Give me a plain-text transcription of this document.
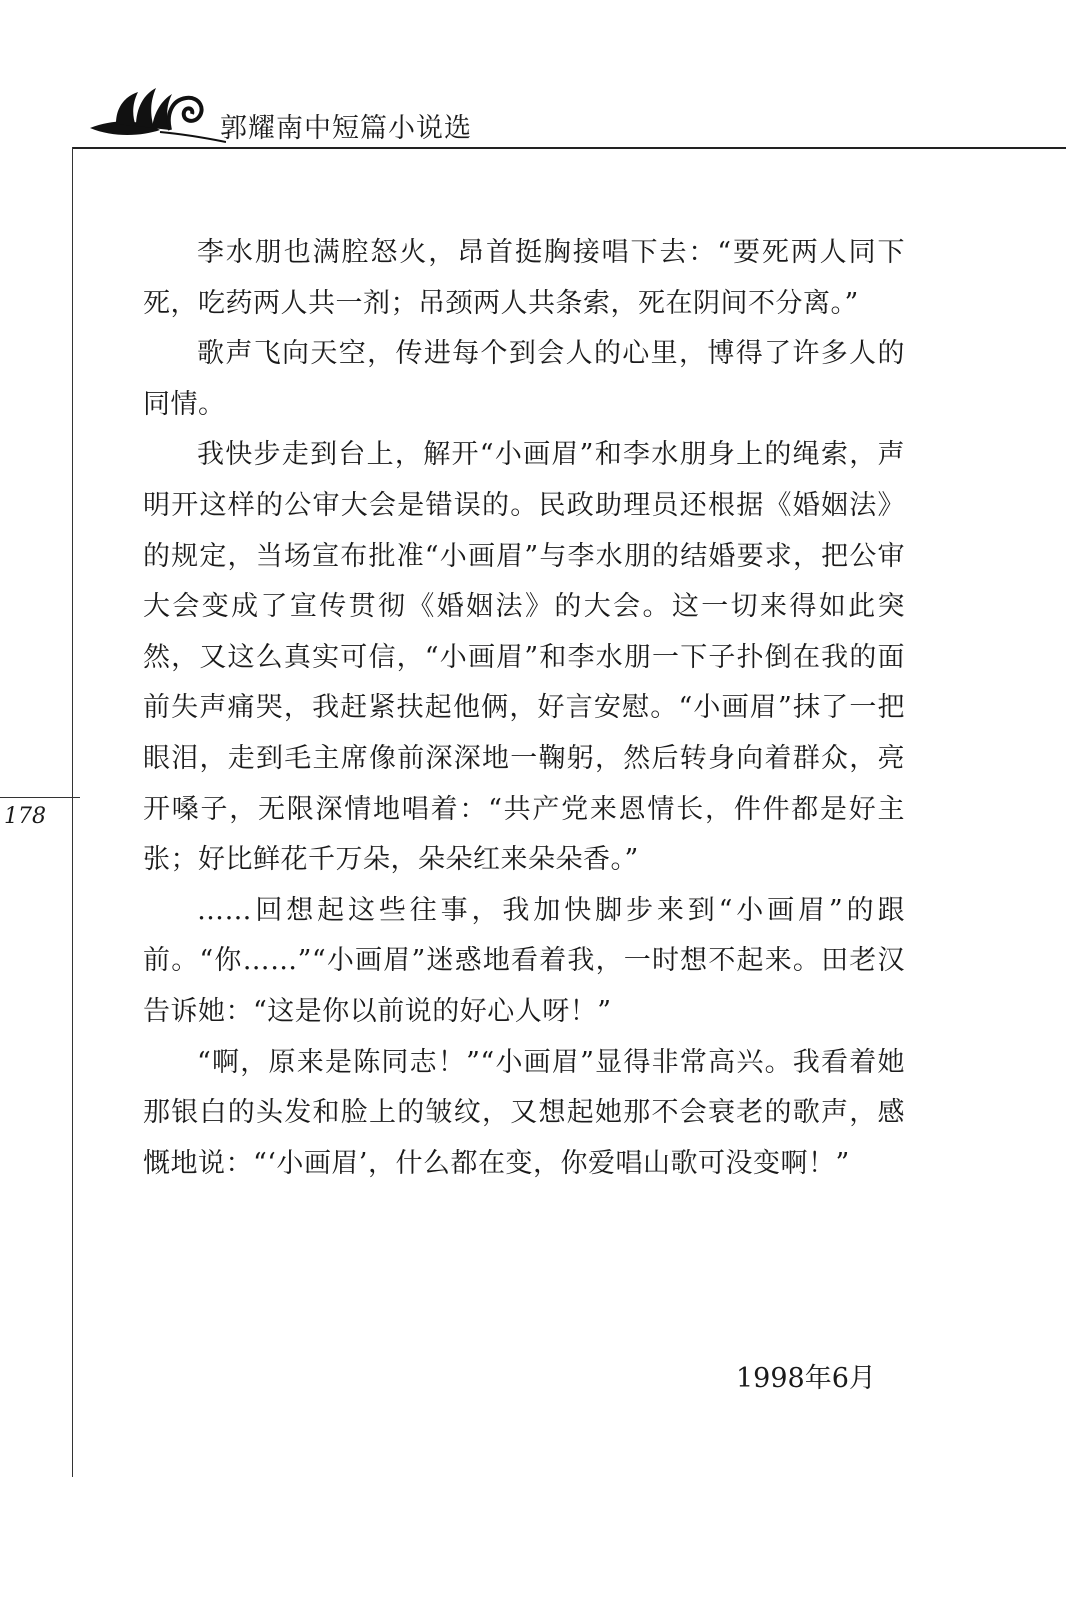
郭耀南中短篇小说选
178

李水朋也满腔怒火，昂首挺胸接唱下去：“要死两人同下死，吃药两人共一剂；吊颈两人共条索，死在阴间不分离。”

歌声飞向天空，传进每个到会人的心里，博得了许多人的同情。

我快步走到台上，解开“小画眉”和李水朋身上的绳索，声明开这样的公审大会是错误的。民政助理员还根据《婚姻法》的规定，当场宣布批准“小画眉”与李水朋的结婚要求，把公审大会变成了宣传贯彻《婚姻法》的大会。这一切来得如此突然，又这么真实可信，“小画眉”和李水朋一下子扑倒在我的面前失声痛哭，我赶紧扶起他俩，好言安慰。“小画眉”抹了一把眼泪，走到毛主席像前深深地一鞠躬，然后转身向着群众，亮开嗓子，无限深情地唱着：“共产党来恩情长，件件都是好主张；好比鲜花千万朵，朵朵红来朵朵香。”

……回想起这些往事，我加快脚步来到“小画眉”的跟前。“你……”“小画眉”迷惑地看着我，一时想不起来。田老汉告诉她：“这是你以前说的好心人呀！”

“啊，原来是陈同志！”“小画眉”显得非常高兴。我看着她那银白的头发和脸上的皱纹，又想起她那不会衰老的歌声，感慨地说：“‘小画眉’，什么都在变，你爱唱山歌可没变啊！”

1998年6月
